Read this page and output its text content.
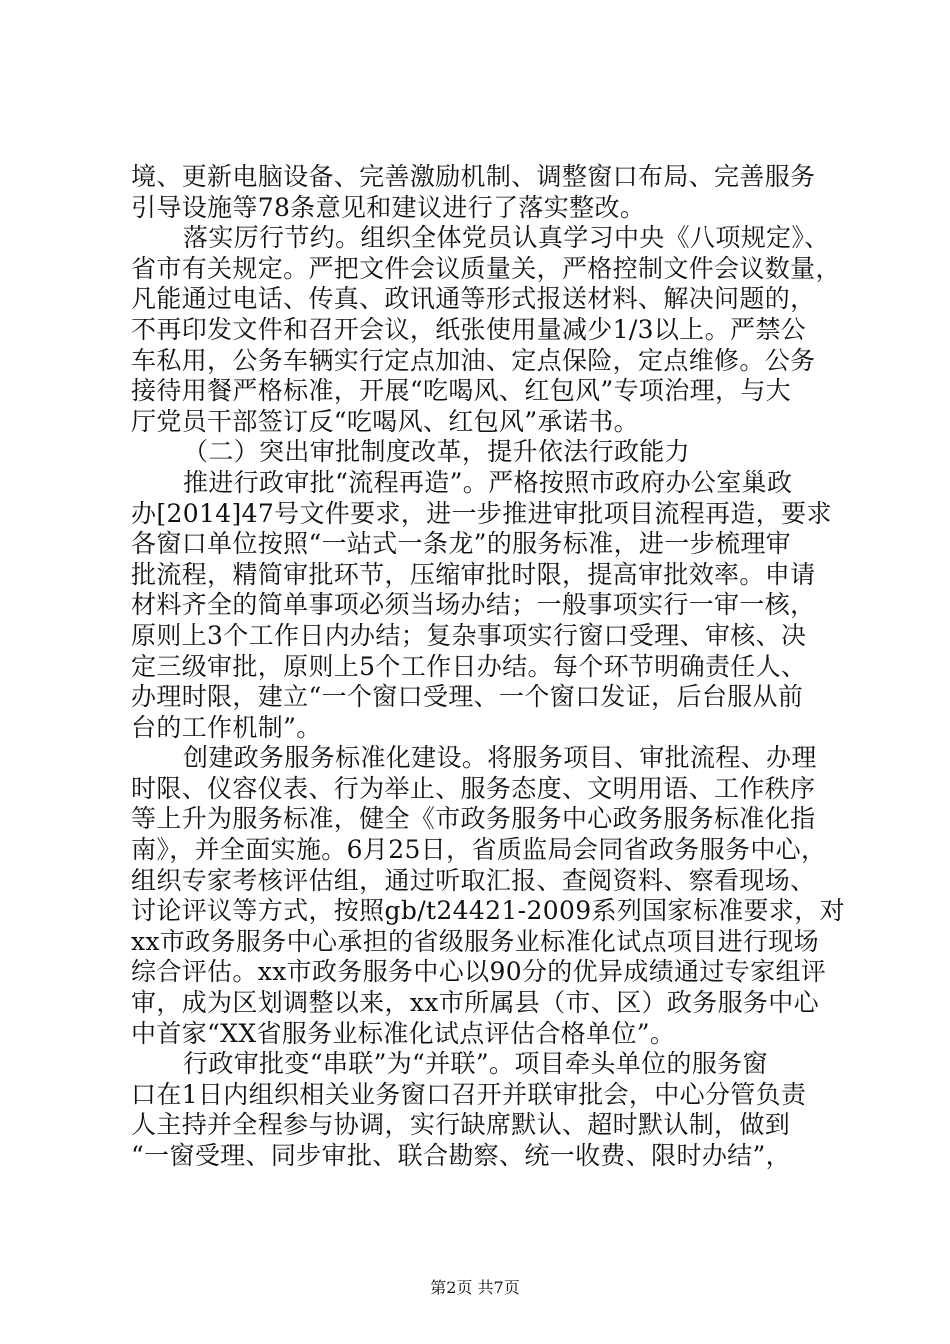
境、更新电脑设备、完善激励机制、调整窗口布局、完善服务
引导设施等78条意见和建议进行了落实整改。
落实厉行节约。组织全体党员认真学习中央《八项规定》、
省市有关规定。严把文件会议质量关，严格控制文件会议数量，
凡能通过电话、传真、政讯通等形式报送材料、解决问题的，
不再印发文件和召开会议，纸张使用量减少1/3以上。严禁公
车私用，公务车辆实行定点加油、定点保险，定点维修。公务
接待用餐严格标准，开展“吃喝风、红包风”专项治理，与大
厅党员干部签订反“吃喝风、红包风”承诺书。
（二）突出审批制度改革，提升依法行政能力
推进行政审批“流程再造”。严格按照市政府办公室巢政
办[2014]47号文件要求，进一步推进审批项目流程再造，要求
各窗口单位按照“一站式一条龙”的服务标准，进一步梳理审
批流程，精简审批环节，压缩审批时限，提高审批效率。申请
材料齐全的简单事项必须当场办结；一般事项实行一审一核，
原则上3个工作日内办结；复杂事项实行窗口受理、审核、决
定三级审批，原则上5个工作日办结。每个环节明确责任人、
办理时限，建立“一个窗口受理、一个窗口发证，后台服从前
台的工作机制”。
创建政务服务标准化建设。将服务项目、审批流程、办理
时限、仪容仪表、行为举止、服务态度、文明用语、工作秩序
等上升为服务标准，健全《市政务服务中心政务服务标准化指
南》，并全面实施。6月25日，省质监局会同省政务服务中心，
组织专家考核评估组，通过听取汇报、查阅资料、察看现场、
讨论评议等方式，按照gb/t24421-2009系列国家标准要求，对
xx市政务服务中心承担的省级服务业标准化试点项目进行现场
综合评估。xx市政务服务中心以90分的优异成绩通过专家组评
审，成为区划调整以来，xx市所属县（市、区）政务服务中心
中首家“XX省服务业标准化试点评估合格单位”。
行政审批变“串联”为“并联”。项目牵头单位的服务窗
口在1日内组织相关业务窗口召开并联审批会，中心分管负责
人主持并全程参与协调，实行缺席默认、超时默认制，做到
“一窗受理、同步审批、联合勘察、统一收费、限时办结”，
第2页 共7页
